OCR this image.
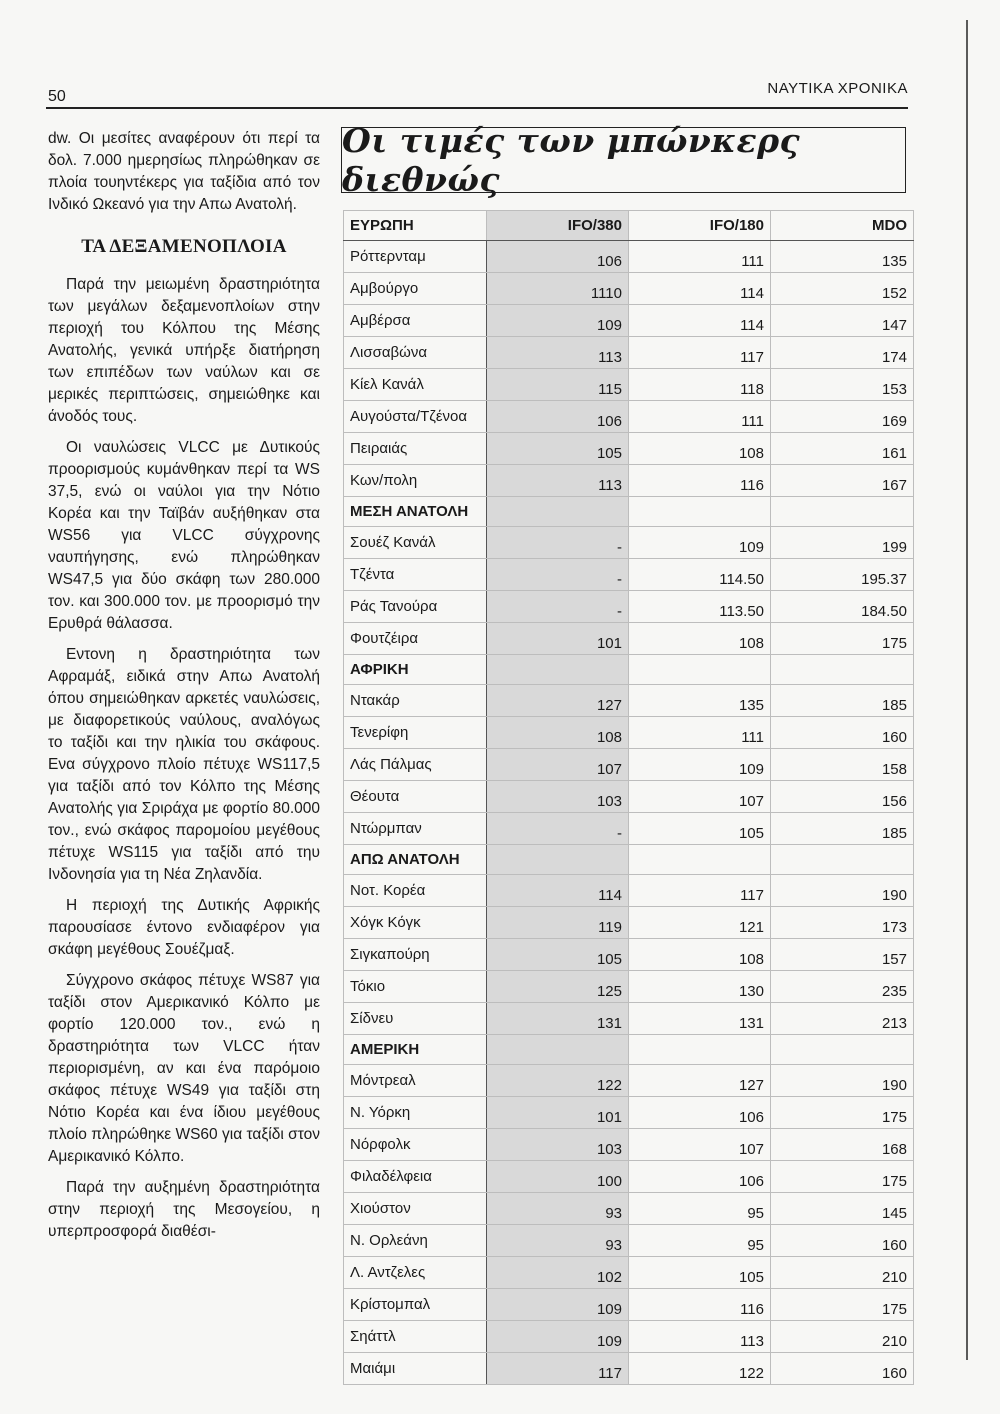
50	ΝΑΥΤΙΚΑ ΧΡΟΝΙΚΑ

dw. Οι μεσίτες αναφέρουν ότι περί τα δολ. 7.000 ημερησίως πληρώθηκαν σε πλοία τουηντέκερς για ταξίδια από τον Ινδικό Ωκεανό για την Απω Ανατολή.

ΤΑ ΔΕΞΑΜΕΝΟΠΛΟΙΑ

Παρά την μειωμένη δραστηριότητα των μεγάλων δεξαμενοπλοίων στην περιοχή του Κόλπου της Μέσης Ανατολής, γενικά υπήρξε διατήρηση των επιπέδων των ναύλων και σε μερικές περιπτώσεις, σημειώθηκε και άνοδός τους.

Οι ναυλώσεις VLCC με Δυτικούς προορισμούς κυμάνθηκαν περί τα WS 37,5, ενώ οι ναύλοι για την Νότιο Κορέα και την Ταϊβάν αυξήθηκαν στα WS56 για VLCC σύγχρονης ναυπήγησης, ενώ πληρώθηκαν WS47,5 για δύο σκάφη των 280.000 τον. και 300.000 τον. με προορισμό την Ερυθρά θάλασσα.

Εντονη η δραστηριότητα των Αφραμάξ, ειδικά στην Απω Ανατολή όπου σημειώθηκαν αρκετές ναυλώσεις, με διαφορετικούς ναύλους, αναλόγως το ταξίδι και την ηλικία του σκάφους. Ενα σύγχρονο πλοίο πέτυχε WS117,5 για ταξίδι από τον Κόλπο της Μέσης Ανατολής για Σριράχα με φορτίο 80.000 τον., ενώ σκάφος παρομοίου μεγέθους πέτυχε WS115 για ταξίδι από τηυ Ινδονησία για τη Νέα Ζηλανδία.

Η περιοχή της Δυτικής Αφρικής παρουσίασε έντονο ενδιαφέρον για σκάφη μεγέθους Σουέζμαξ.

Σύγχρονο σκάφος πέτυχε WS87 για ταξίδι στον Αμερικανικό Κόλπο με φορτίο 120.000 τον., ενώ η δραστηριότητα των VLCC ήταν περιορισμένη, αν και ένα παρόμοιο σκάφος πέτυχε WS49 για ταξίδι στη Νότιο Κορέα και ένα ίδιου μεγέθους πλοίο πληρώθηκε WS60 για ταξίδι στον Αμερικανικό Κόλπο.

Παρά την αυξημένη δραστηριότητα στην περιοχή της Μεσογείου, η υπερπροσφορά διαθέσι-

Οι τιμές των μπώνκερς διεθνώς
ΕΥΡΩΠΗ	IFO/380	IFO/180	MDO
Ρόττερνταμ	106	111	135
Αμβούργο	1110	114	152
Αμβέρσα	109	114	147
Λισσαβώνα	113	117	174
Κίελ Κανάλ	115	118	153
Αυγούστα/Τζένοα	106	111	169
Πειραιάς	105	108	161
Κων/πολη	113	116	167
ΜΕΣΗ ΑΝΑΤΟΛΗ			
Σουέζ Κανάλ	-	109	199
Τζέντα	-	114.50	195.37
Ράς Τανούρα	-	113.50	184.50
Φουτζέιρα	101	108	175
ΑΦΡΙΚΗ			
Ντακάρ	127	135	185
Τενερίφη	108	111	160
Λάς Πάλμας	107	109	158
Θέουτα	103	107	156
Ντώρμπαν	-	105	185
ΑΠΩ ΑΝΑΤΟΛΗ			
Νοτ. Κορέα	114	117	190
Χόγκ Κόγκ	119	121	173
Σιγκαπούρη	105	108	157
Τόκιο	125	130	235
Σίδνευ	131	131	213
ΑΜΕΡΙΚΗ			
Μόντρεαλ	122	127	190
Ν. Υόρκη	101	106	175
Νόρφολκ	103	107	168
Φιλαδέλφεια	100	106	175
Χιούστον	93	95	145
Ν. Ορλεάνη	93	95	160
Λ. Αντζελες	102	105	210
Κρίστομπαλ	109	116	175
Σηάττλ	109	113	210
Μαιάμι	117	122	160
